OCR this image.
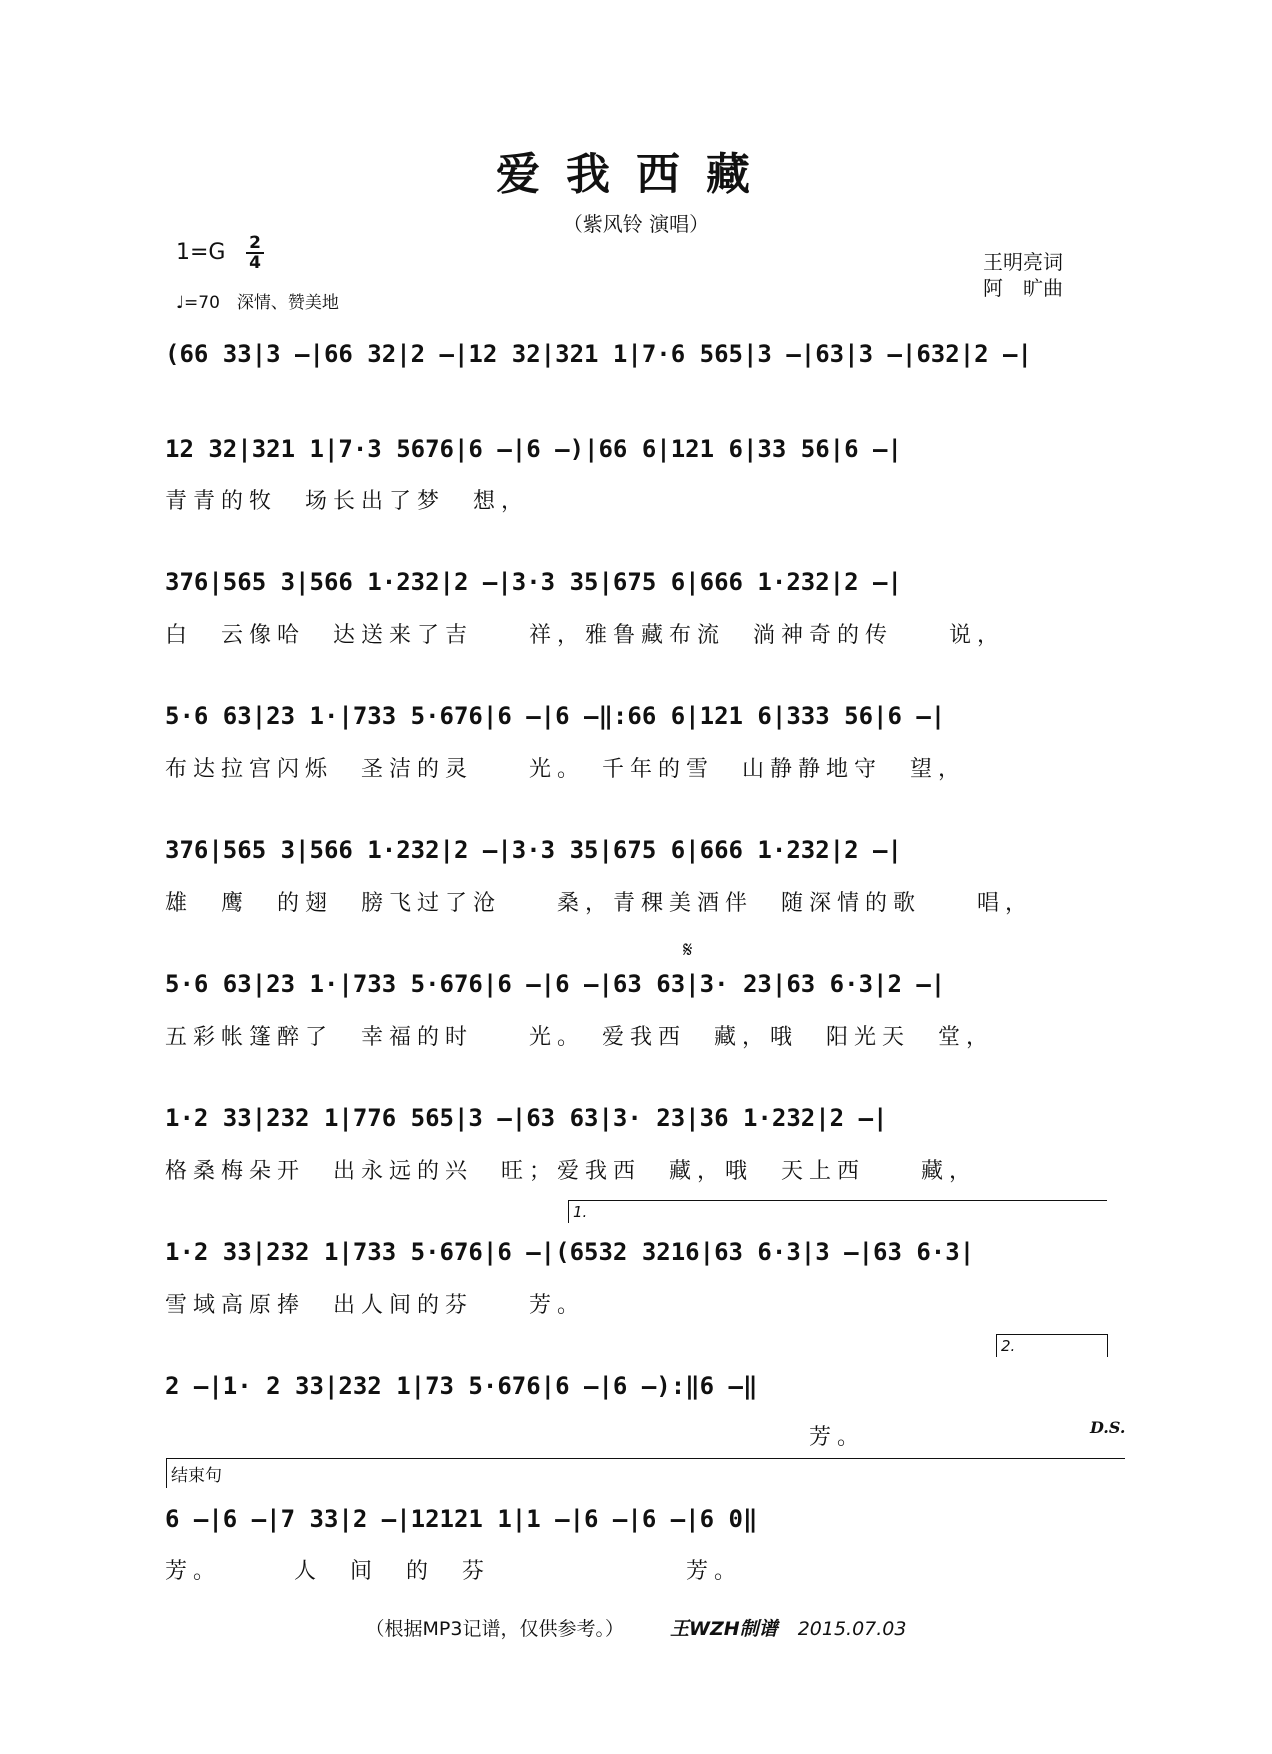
爱我西藏
（紫风铃 演唱）
1=G 2
4
♩=70　深情、赞美地
王明亮词
阿　旷曲
(66 33|3 –|66 32|2 –|12 32|321 1|7·6 565|3 –|63|3 –|632|2 –|
12 32|321 1|7·3 5676|6 –|6 –)|66 6|121 6|33 56|6 –|
青青的牧　场长出了梦　想，
376|565 3|566 1·232|2 –|3·3 35|675 6|666 1·232|2 –|
白　云像哈　达送来了吉　　祥，雅鲁藏布流　淌神奇的传　　说，
5·6 63|23 1·|733 5·676|6 –|6 –‖:66 6|121 6|333 56|6 –|
布达拉宫闪烁　圣洁的灵　　光。　千年的雪　山静静地守　望，
376|565 3|566 1·232|2 –|3·3 35|675 6|666 1·232|2 –|
雄　鹰　的翅　膀飞过了沧　　桑，青稞美酒伴　随深情的歌　　唱，
𝄋
5·6 63|23 1·|733 5·676|6 –|6 –|63 63|3· 23|63 6·3|2 –|
五彩帐篷醉了　幸福的时　　光。　爱我西　藏，哦　阳光天　堂，
1·2 33|232 1|776 565|3 –|63 63|3· 23|36 1·232|2 –|
格桑梅朵开　出永远的兴　旺；爱我西　藏，哦　天上西　　藏，
1.
1·2 33|232 1|733 5·676|6 –|(6532 3216|63 6·3|3 –|63 6·3|
雪域高原捧　出人间的芬　　芳。
2.
2 –|1· 2 33|232 1|73 5·676|6 –|6 –):‖6 –‖
　　　　　　　　　　　　　　　　　　　　　　　芳。	D.S.
结束句
6 –|6 –|7 33|2 –|12121 1|1 –|6 –|6 –|6 0‖
芳。　　　人　间　的　芬　　　　　　　芳。
（根据MP3记谱，仅供参考。） 王WZH制谱 2015.07.03
